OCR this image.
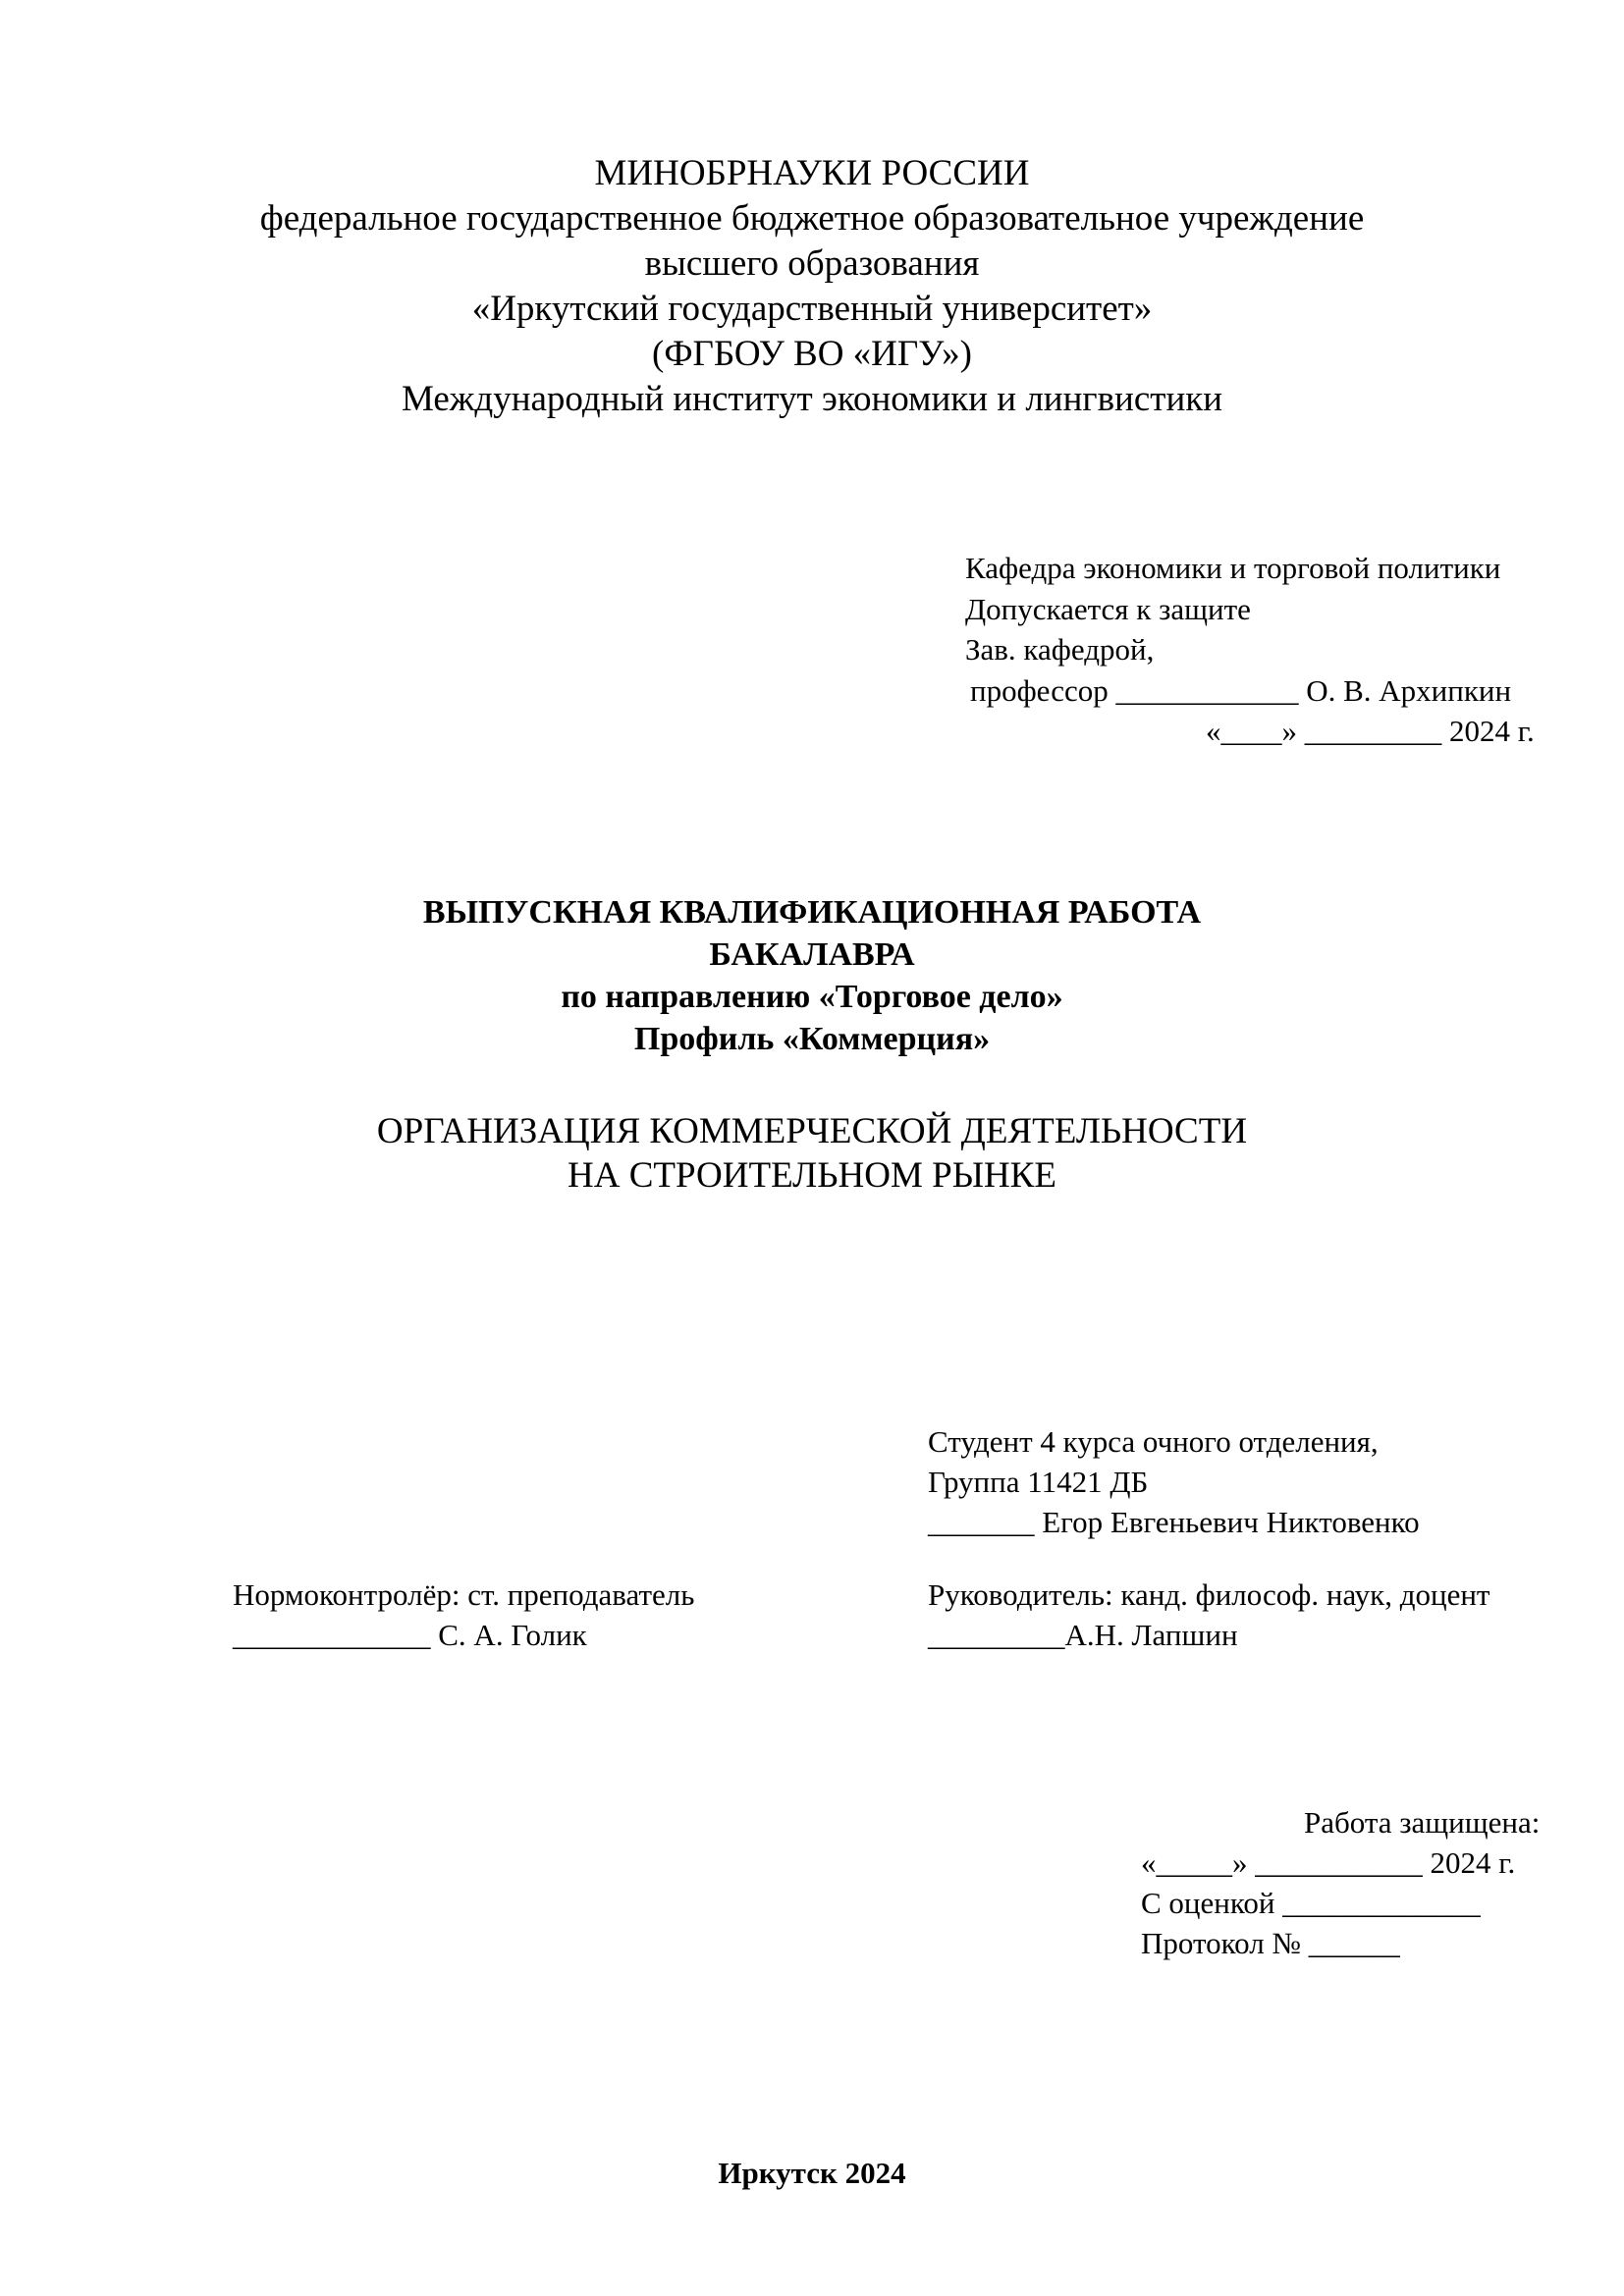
МИНОБРНАУКИ РОССИИ
федеральное государственное бюджетное образовательное учреждение
высшего образования
«Иркутский государственный университет»
(ФГБОУ ВО «ИГУ»)
Международный институт экономики и лингвистики
Кафедра экономики и торговой политики
Допускается к защите
Зав. кафедрой,
профессор ____________ О. В. Архипкин
«____» _________ 2024 г.
ВЫПУСКНАЯ КВАЛИФИКАЦИОННАЯ РАБОТА
БАКАЛАВРА
по направлению «Торговое дело»
Профиль «Коммерция»
ОРГАНИЗАЦИЯ КОММЕРЧЕСКОЙ ДЕЯТЕЛЬНОСТИ
НА СТРОИТЕЛЬНОМ РЫНКЕ
Студент 4 курса очного отделения,
Группа 11421 ДБ
_______ Егор Евгеньевич Никтовенко
Нормоконтролёр: ст. преподаватель
_____________ С. А. Голик
Руководитель: канд. философ. наук, доцент
_________А.Н. Лапшин
Работа защищена:
«_____» ___________ 2024 г.
С оценкой _____________
Протокол № ______
Иркутск 2024
